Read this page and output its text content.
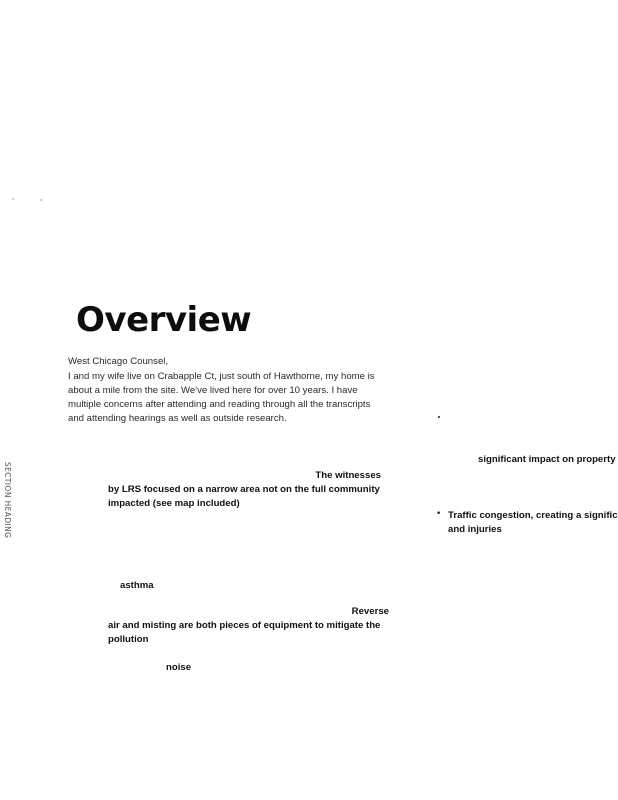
Overview
SECTION HEADING
West Chicago Counsel,
I and my wife live on Crabapple Ct, just south of Hawthorne, my home is
about a mile from the site. We've lived here for over 10 years. I have
multiple concerns after attending and reading through all the transcripts
and attending hearings as well as outside research.
The witnesses
by LRS focused on a narrow area not on the full community
impacted (see map included)
asthma
Reverse
air and misting are both pieces of equipment to mitigate the
pollution
noise
significant impact on property
• Traffic congestion, creating a signific
and injuries
